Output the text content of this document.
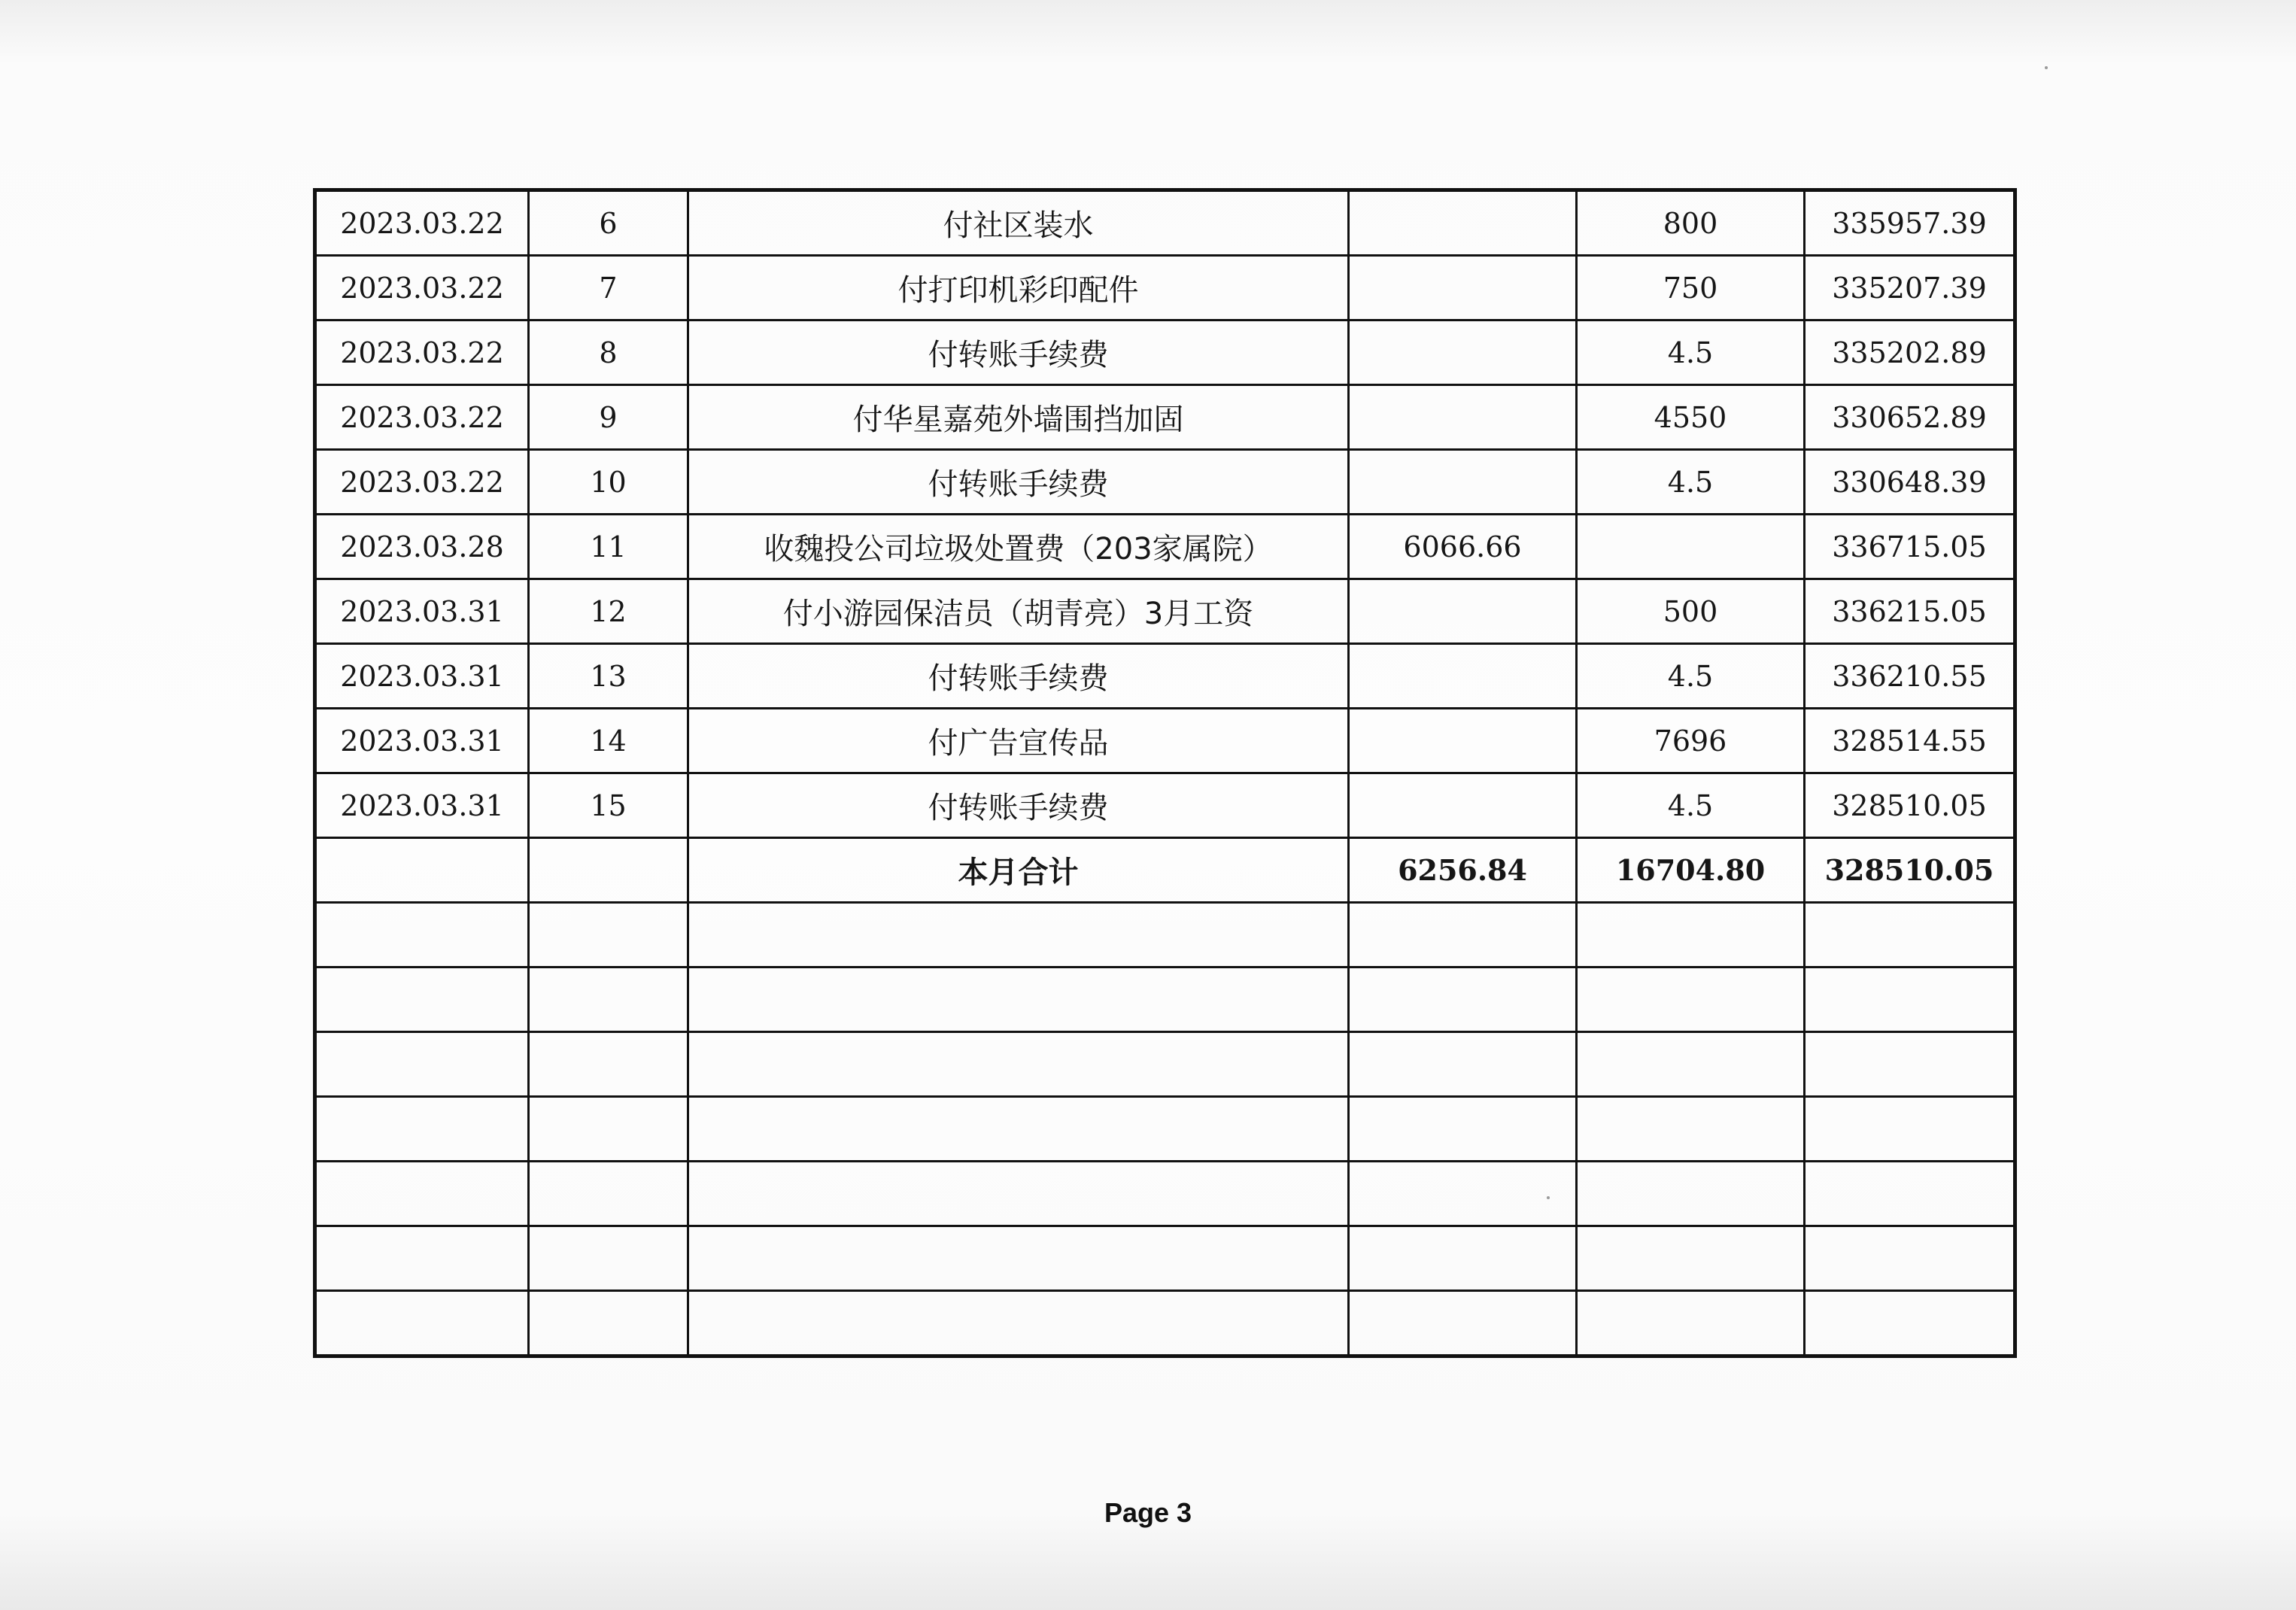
2023.03.22	6	付社区装水		800	335957.39
2023.03.22	7	付打印机彩印配件		750	335207.39
2023.03.22	8	付转账手续费		4.5	335202.89
2023.03.22	9	付华星嘉苑外墙围挡加固		4550	330652.89
2023.03.22	10	付转账手续费		4.5	330648.39
2023.03.28	11	收魏投公司垃圾处置费（203家属院）	6066.66		336715.05
2023.03.31	12	付小游园保洁员（胡青亮）3月工资		500	336215.05
2023.03.31	13	付转账手续费		4.5	336210.55
2023.03.31	14	付广告宣传品		7696	328514.55
2023.03.31	15	付转账手续费		4.5	328510.05
		本月合计	6256.84	16704.80	328510.05

Page 3
